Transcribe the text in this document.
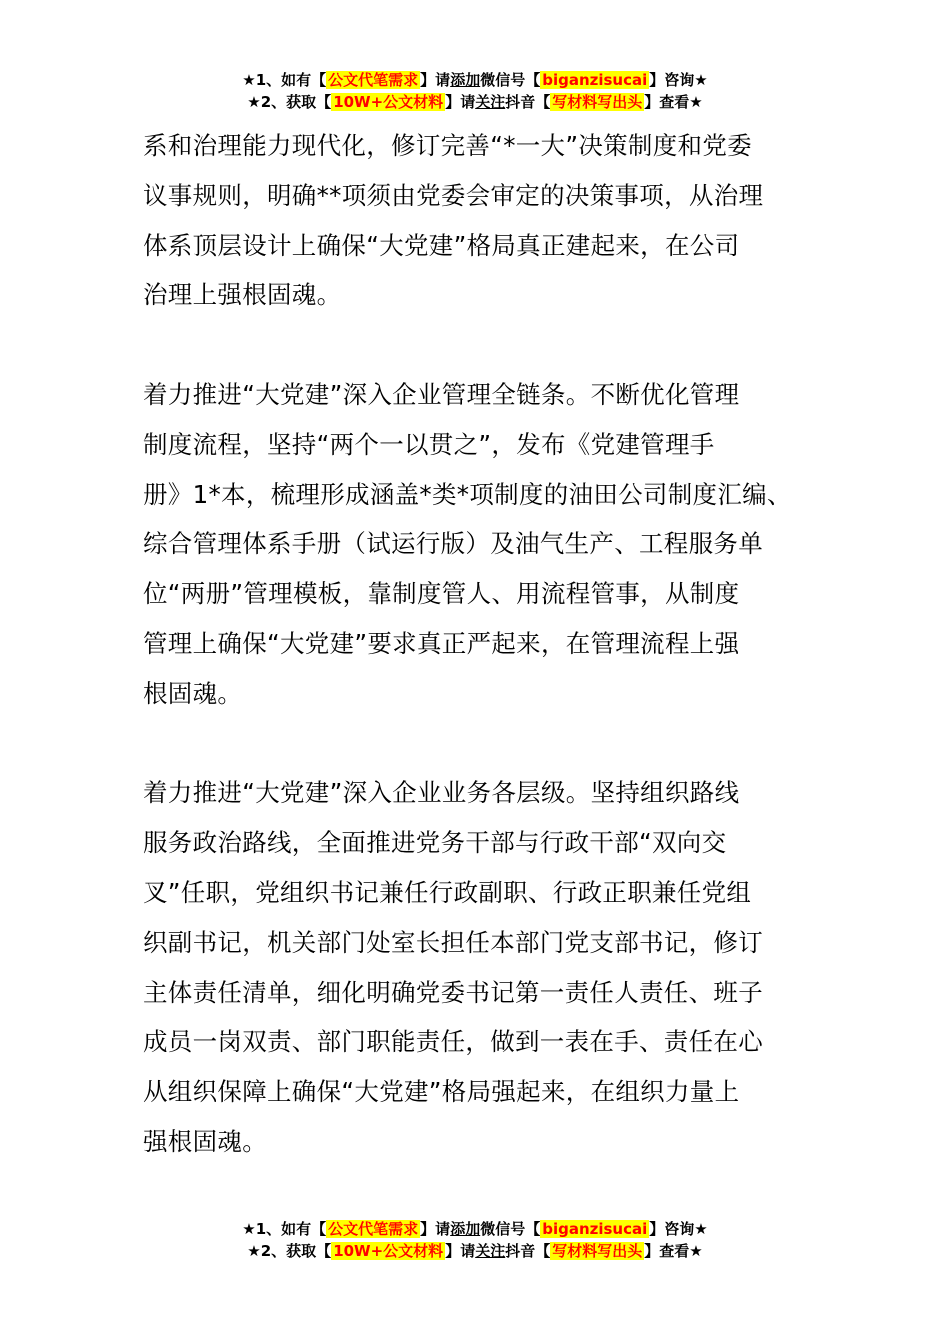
★1、如有【 公文代笔需求 】请添加微信号【 biganzisucai 】咨询★
★2、获取【 10W+公文材料 】请关注抖音【 写材料写出头 】查看★
系和治理能力现代化，修订完善“*一大”决策制度和党委
议事规则，明确**项须由党委会审定的决策事项，从治理
体系顶层设计上确保“大党建”格局真正建起来，在公司
治理上强根固魂。
着力推进“大党建”深入企业管理全链条。不断优化管理
制度流程，坚持“两个一以贯之”，发布《党建管理手
册》1*本，梳理形成涵盖*类*项制度的油田公司制度汇编、
综合管理体系手册（试运行版）及油气生产、工程服务单
位“两册”管理模板，靠制度管人、用流程管事，从制度
管理上确保“大党建”要求真正严起来，在管理流程上强
根固魂。
着力推进“大党建”深入企业业务各层级。坚持组织路线
服务政治路线，全面推进党务干部与行政干部“双向交
叉”任职，党组织书记兼任行政副职、行政正职兼任党组
织副书记，机关部门处室长担任本部门党支部书记，修订
主体责任清单，细化明确党委书记第一责任人责任、班子
成员一岗双责、部门职能责任，做到一表在手、责任在心
从组织保障上确保“大党建”格局强起来，在组织力量上
强根固魂。
★1、如有【 公文代笔需求 】请添加微信号【 biganzisucai 】咨询★
★2、获取【 10W+公文材料 】请关注抖音【 写材料写出头 】查看★
